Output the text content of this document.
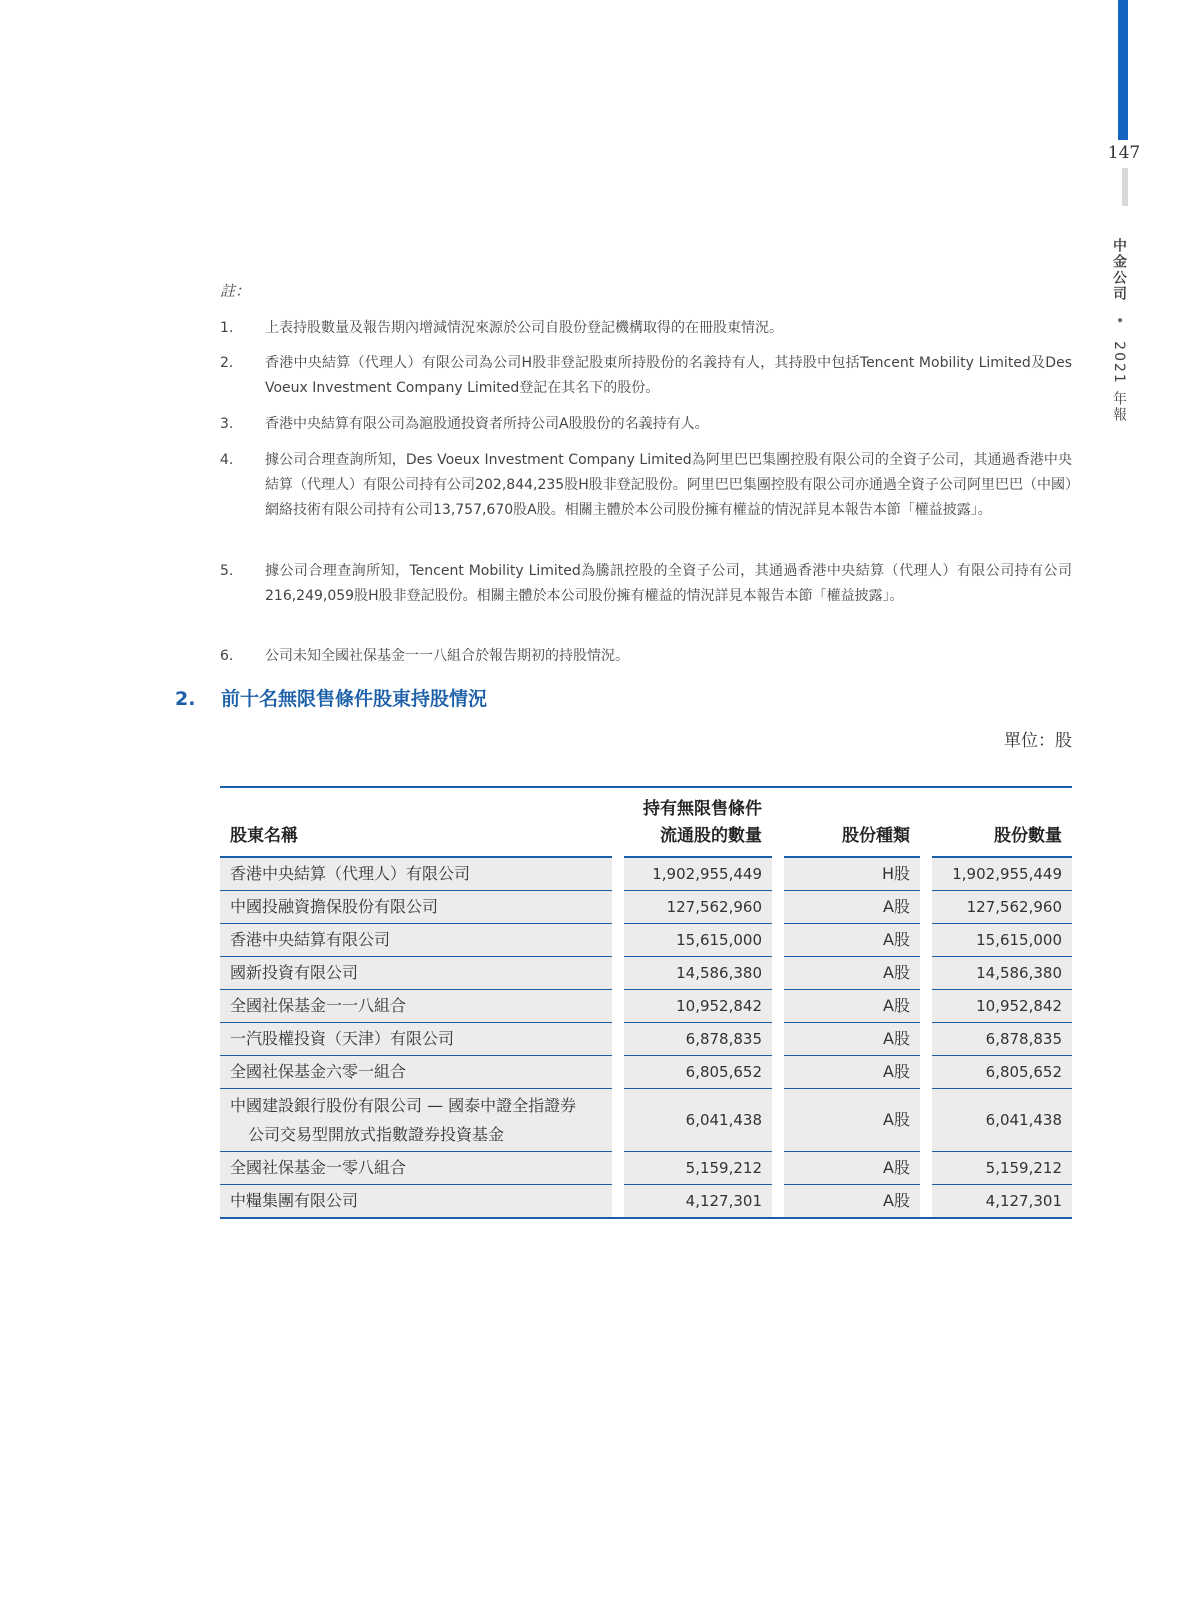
147
中金公司 • 2021 年報
註：
1.	上表持股數量及報告期內增減情況來源於公司自股份登記機構取得的在冊股東情況。
2.	香港中央結算（代理人）有限公司為公司H股非登記股東所持股份的名義持有人，其持股中包括Tencent Mobility Limited及Des Voeux Investment Company Limited登記在其名下的股份。
3.	香港中央結算有限公司為滬股通投資者所持公司A股股份的名義持有人。
4.	據公司合理查詢所知，Des Voeux Investment Company Limited為阿里巴巴集團控股有限公司的全資子公司，其通過香港中央結算（代理人）有限公司持有公司202,844,235股H股非登記股份。阿里巴巴集團控股有限公司亦通過全資子公司阿里巴巴（中國）網絡技術有限公司持有公司13,757,670股A股。相關主體於本公司股份擁有權益的情況詳見本報告本節「權益披露」。
5.	據公司合理查詢所知，Tencent Mobility Limited為騰訊控股的全資子公司，其通過香港中央結算（代理人）有限公司持有公司216,249,059股H股非登記股份。相關主體於本公司股份擁有權益的情況詳見本報告本節「權益披露」。
6.	公司未知全國社保基金一一八組合於報告期初的持股情況。
2. 前十名無限售條件股東持股情況
單位：股
股東名稱		持有無限售條件
流通股的數量		股份種類		股份數量
香港中央結算（代理人）有限公司		1,902,955,449		H股		1,902,955,449
中國投融資擔保股份有限公司		127,562,960		A股		127,562,960
香港中央結算有限公司		15,615,000		A股		15,615,000
國新投資有限公司		14,586,380		A股		14,586,380
全國社保基金一一八組合		10,952,842		A股		10,952,842
一汽股權投資（天津）有限公司		6,878,835		A股		6,878,835
全國社保基金六零一組合		6,805,652		A股		6,805,652

中國建設銀行股份有限公司 — 國泰中證全指證券
公司交易型開放式指數證券投資基金		6,041,438		A股		6,041,438
全國社保基金一零八組合		5,159,212		A股		5,159,212
中糧集團有限公司		4,127,301		A股		4,127,301
